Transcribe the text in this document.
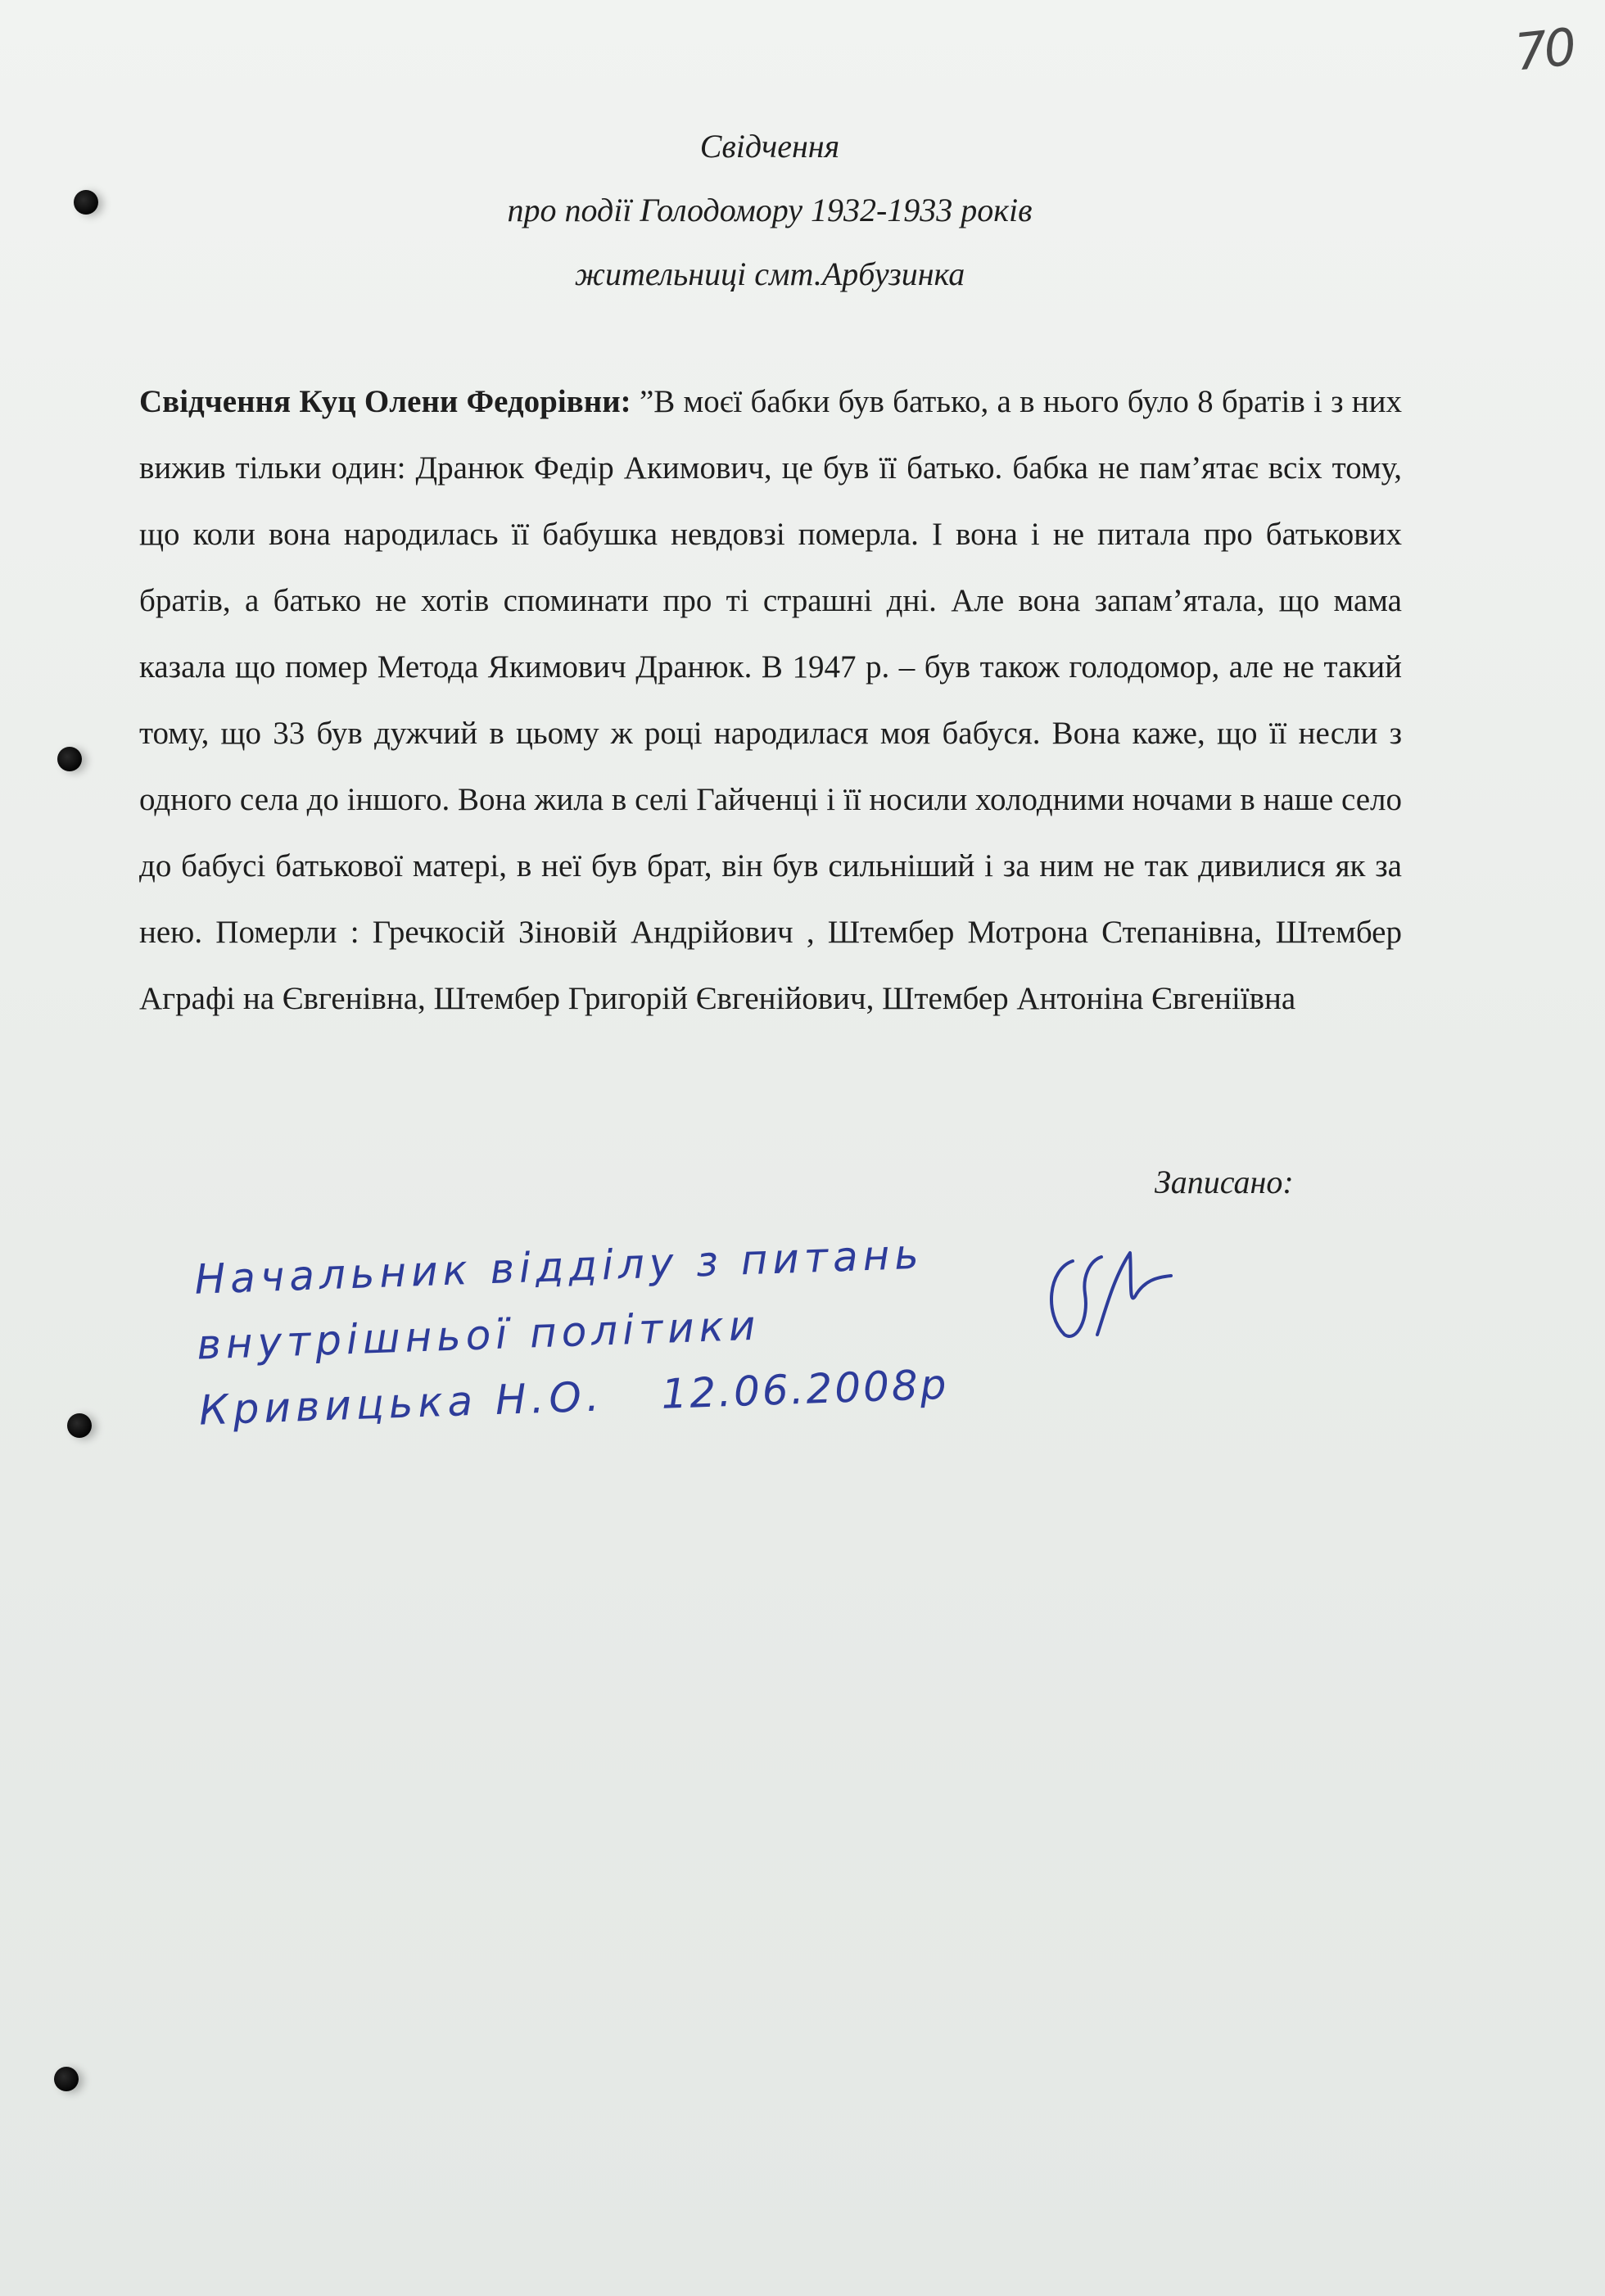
70
Свідчення
про події Голодомору 1932-1933 років
жительниці смт.Арбузинка
Свідчення Куц Олени Федорівни: ”В моєї бабки був батько, а в нього було 8 братів і з них вижив тільки один: Дранюк Федір Акимович, це був її батько. бабка не пам’ятає всіх тому, що коли вона народилась її бабушка невдовзі померла. І вона і не питала про батькових братів, а батько не хотів споминати про ті страшні дні. Але вона запам’ятала, що мама казала що помер Метода Якимович Дранюк. В 1947 р. – був також голодомор, але не такий тому, що 33 був дужчий в цьому ж році народилася моя бабуся. Вона каже, що її несли з одного села до іншого. Вона жила в селі Гайченці і її носили холодними ночами в наше село до бабусі батькової матері, в неї був брат, він був сильніший і за ним не так дивилися як за нею. Померли : Гречкосій Зіновій Андрійович , Штембер Мотрона Степанівна, Штембер Аграфі на Євгенівна, Штембер Григорій Євгенійович, Штембер Антоніна Євгеніївна
Записано:
Начальник відділу з питань
внутрішньої політики
Кривицька Н.О. 12.06.2008р
